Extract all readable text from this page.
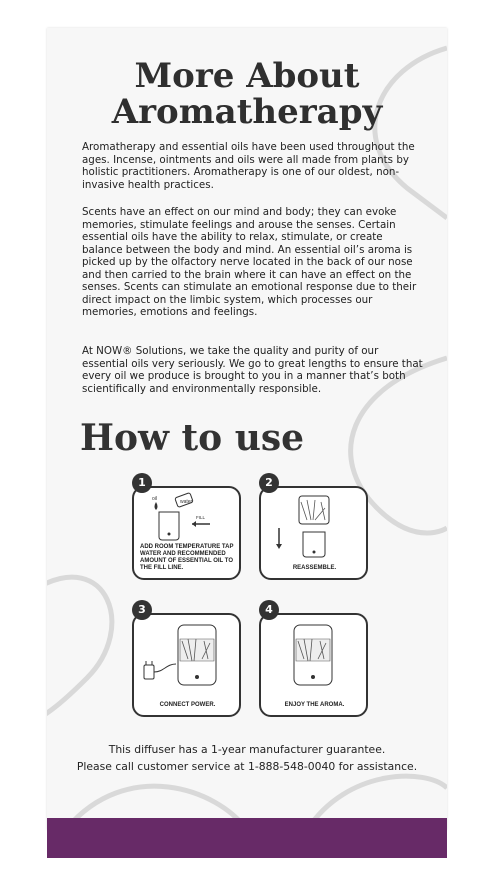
More About
Aromatherapy

Aromatherapy and essential oils have been used throughout the ages. Incense, ointments and oils were all made from plants by holistic practitioners. Aromatherapy is one of our oldest, non-invasive health practices.

Scents have an effect on our mind and body; they can evoke memories, stimulate feelings and arouse the senses. Certain essential oils have the ability to relax, stimulate, or create balance between the body and mind. An essential oil’s aroma is picked up by the olfactory nerve located in the back of our nose and then carried to the brain where it can have an effect on the senses. Scents can stimulate an emotional response due to their direct impact on the limbic system, which processes our memories, emotions and feelings.

At NOW® Solutions, we take the quality and purity of our essential oils very seriously. We go to great lengths to ensure that every oil we produce is brought to you in a manner that’s both scientifically and environmentally responsible.

How to use
1
oil	water
FILL
ADD ROOM TEMPERATURE TAP WATER AND RECOMMENDED AMOUNT OF ESSENTIAL OIL TO THE FILL LINE.
2
REASSEMBLE.
3
CONNECT POWER.
4
ENJOY THE AROMA.
This diffuser has a 1-year manufacturer guarantee.
Please call customer service at 1-888-548-0040 for assistance.
